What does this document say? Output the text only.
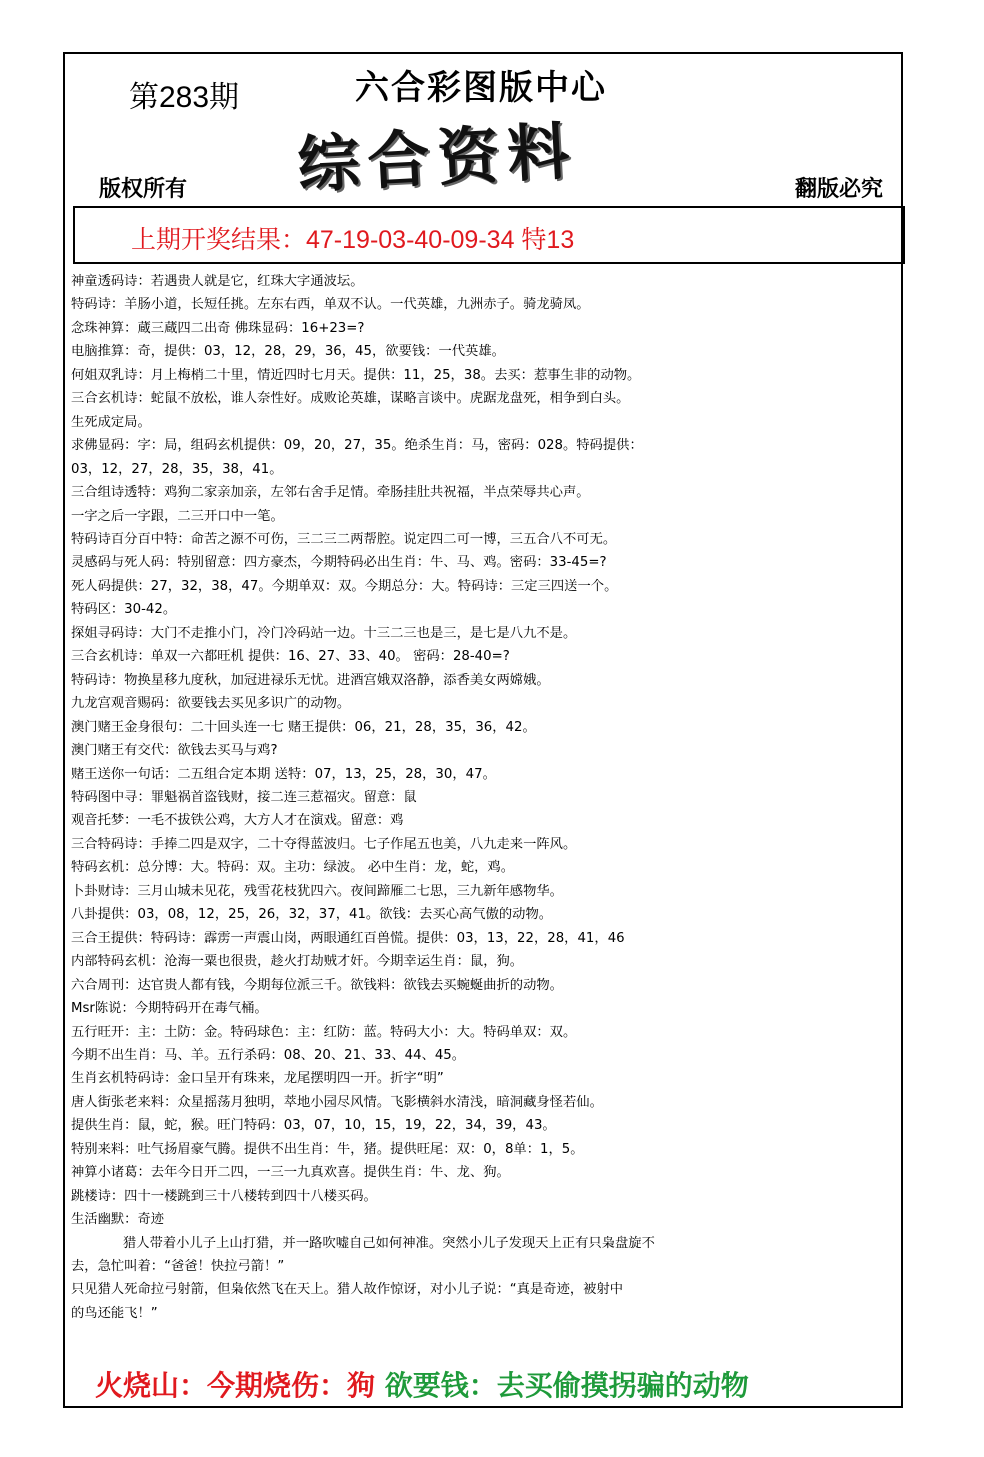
第283期	六合彩图版中心
综合资料
版权所有	翻版必究
上期开奖结果：47-19-03-40-09-34 特13
神童透码诗：若遇贵人就是它，红珠大字通波坛。
特码诗：羊肠小道，长短任挑。左东右西，单双不认。一代英雄，九洲赤子。骑龙骑凤。
念珠神算：蔵三蔵四二出奇 佛珠显码：16+23=?
电脑推算：奇，提供：03，12，28，29，36，45，欲要钱：一代英雄。
何姐双乳诗：月上梅梢二十里，情近四时七月天。提供：11，25，38。去买：惹事生非的动物。
三合玄机诗：蛇鼠不放松，谁人奈性好。成败论英雄，谋略言谈中。虎踞龙盘死，相争到白头。
生死成定局。
求佛显码：字：局，组码玄机提供：09，20，27，35。绝杀生肖：马，密码：028。特码提供：
03，12，27，28，35，38，41。
三合组诗透特：鸡狗二家亲加亲，左邻右舍手足情。牵肠挂肚共祝福，半点荣辱共心声。
一字之后一字跟，二三开口中一笔。
特码诗百分百中特：命苦之源不可伤，三二三二两帮腔。说定四二可一博，三五合八不可无。
灵感码与死人码：特别留意：四方豪杰，今期特码必出生肖：牛、马、鸡。密码：33-45=?
死人码提供：27，32，38，47。今期单双：双。今期总分：大。特码诗：三定三四送一个。
特码区：30-42。
探姐寻码诗：大门不走推小门，冷门冷码站一边。十三二三也是三，是七是八九不是。
三合玄机诗：单双一六都旺机 提供：16、27、33、40。 密码：28-40=?
特码诗：物换星移九度秋，加冠进禄乐无忧。进酒宫娥双洛静，添香美女两嫦娥。
九龙宫观音赐码：欲要钱去买见多识广的动物。
澳门赌王金身很句：二十回头连一七 赌王提供：06，21，28，35，36，42。
澳门赌王有交代：欲钱去买马与鸡?
赌王送你一句话：二五组合定本期 送特：07，13，25，28，30，47。
特码图中寻：罪魁祸首盗钱财，接二连三惹福灾。留意：鼠
观音托梦：一毛不拔铁公鸡，大方人才在演戏。留意：鸡
三合特码诗：手捧二四是双字，二十夺得蓝波归。七子作尾五也美，八九走来一阵风。
特码玄机：总分博：大。特码：双。主功：绿波。 必中生肖：龙，蛇，鸡。
卜卦财诗：三月山城未见花，残雪花枝犹四六。夜间蹄雁二七思，三九新年感物华。
八卦提供：03，08，12，25，26，32，37，41。欲钱：去买心高气傲的动物。
三合王提供：特码诗：霹雳一声震山岗，两眼通红百兽慌。提供：03，13，22，28，41，46
内部特码玄机：沧海一粟也很贵，趁火打劫贼才奸。今期幸运生肖：鼠，狗。
六合周刊：达官贵人都有钱，今期每位派三千。欲钱料：欲钱去买蜿蜒曲折的动物。
Msr陈说：今期特码开在毒气桶。
五行旺开：主：土防：金。特码球色：主：红防：蓝。特码大小：大。特码单双：双。
今期不出生肖：马、羊。五行杀码：08、20、21、33、44、45。
生肖玄机特码诗：金口呈开有珠来，龙尾摆明四一开。折字“明”
唐人街张老来料：众星摇荡月独明，萃地小园尽风情。飞影横斜水清浅，暗洞藏身怪若仙。
提供生肖：鼠，蛇，猴。旺门特码：03，07，10，15，19，22，34，39，43。
特别来料：吐气扬眉豪气腾。提供不出生肖：牛，猪。提供旺尾：双：0，8单：1，5。
神算小诸葛：去年今日开二四，一三一九真欢喜。提供生肖：牛、龙、狗。
跳楼诗：四十一楼跳到三十八楼转到四十八楼买码。
生活幽默：奇迹
猎人带着小儿子上山打猎，并一路吹嘘自己如何神准。突然小儿子发现天上正有只枭盘旋不
去，急忙叫着：“爸爸！快拉弓箭！”
只见猎人死命拉弓射箭，但枭依然飞在天上。猎人故作惊讶，对小儿子说：“真是奇迹，被射中
的鸟还能飞！”
火烧山：今期烧伤：狗 欲要钱：去买偷摸拐骗的动物
